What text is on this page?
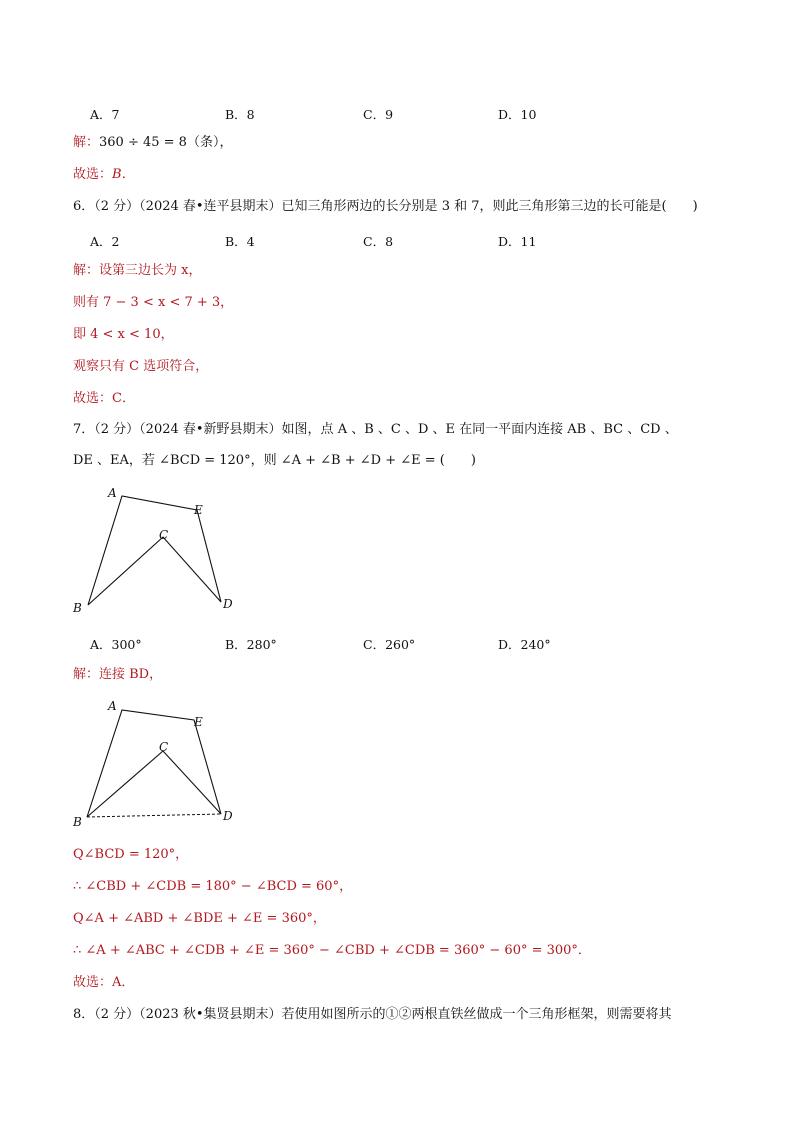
A．7	B．8	C．9	D．10
解：360 ÷ 45 = 8（条），
故选：B．
6．（2 分）（2024 春•连平县期末）已知三角形两边的长分别是 3 和 7，则此三角形第三边的长可能是(　　)
A．2	B．4	C．8	D．11
解：设第三边长为 x，
则有 7 − 3 < x < 7 + 3，
即 4 < x < 10，
观察只有 C 选项符合，
故选：C．
7．（2 分）（2024 春•新野县期末）如图，点 A 、B 、C 、D 、E 在同一平面内连接 AB 、BC 、CD 、
DE 、EA，若 ∠BCD = 120°，则 ∠A + ∠B + ∠D + ∠E = (　　)
A
E
C
B	D
A．300°	B．280°	C．260°	D．240°
解：连接 BD，
A
E
C
B	D
Q∠BCD = 120°，
∴ ∠CBD + ∠CDB = 180° − ∠BCD = 60°，
Q∠A + ∠ABD + ∠BDE + ∠E = 360°，
∴ ∠A + ∠ABC + ∠CDB + ∠E = 360° − ∠CBD + ∠CDB = 360° − 60° = 300°．
故选：A．
8．（2 分）（2023 秋•集贤县期末）若使用如图所示的①②两根直铁丝做成一个三角形框架，则需要将其
